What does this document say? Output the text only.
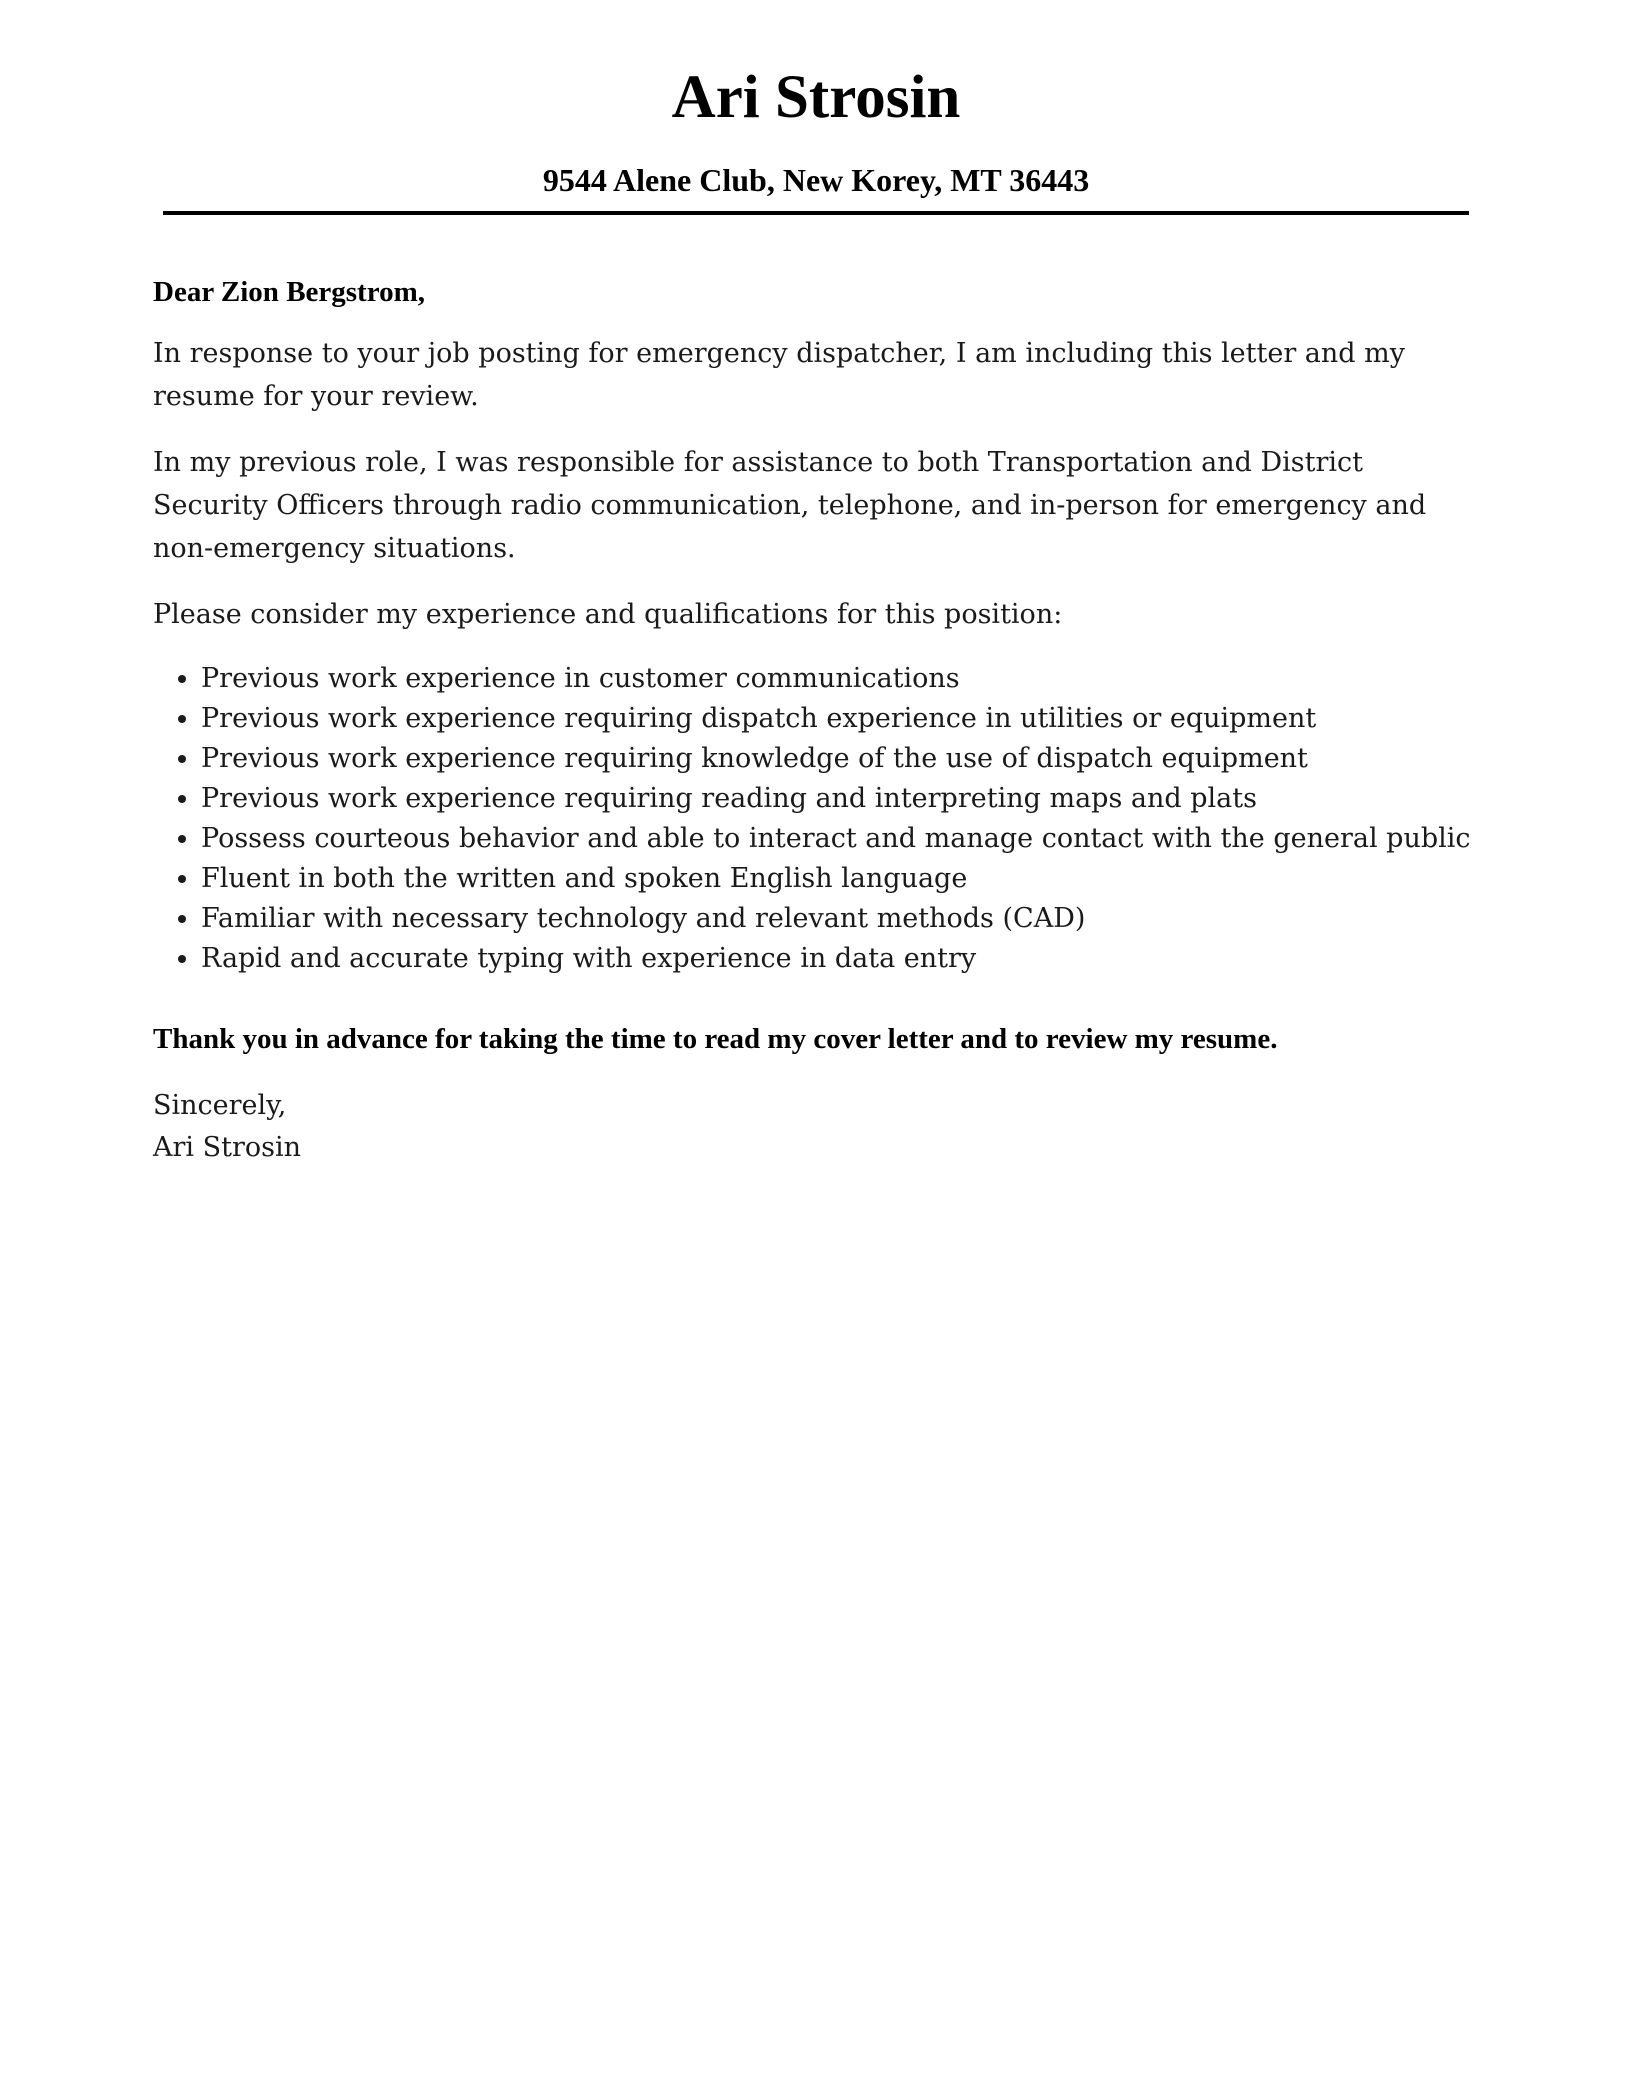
Ari Strosin
9544 Alene Club, New Korey, MT 36443
Dear Zion Bergstrom,

In response to your job posting for emergency dispatcher, I am including this letter and my resume for your review.

In my previous role, I was responsible for assistance to both Transportation and District Security Officers through radio communication, telephone, and in-person for emergency and non-emergency situations.

Please consider my experience and qualifications for this position:

• Previous work experience in customer communications
• Previous work experience requiring dispatch experience in utilities or equipment
• Previous work experience requiring knowledge of the use of dispatch equipment
• Previous work experience requiring reading and interpreting maps and plats
• Possess courteous behavior and able to interact and manage contact with the general public
• Fluent in both the written and spoken English language
• Familiar with necessary technology and relevant methods (CAD)
• Rapid and accurate typing with experience in data entry
Thank you in advance for taking the time to read my cover letter and to review my resume.
Sincerely,
Ari Strosin
